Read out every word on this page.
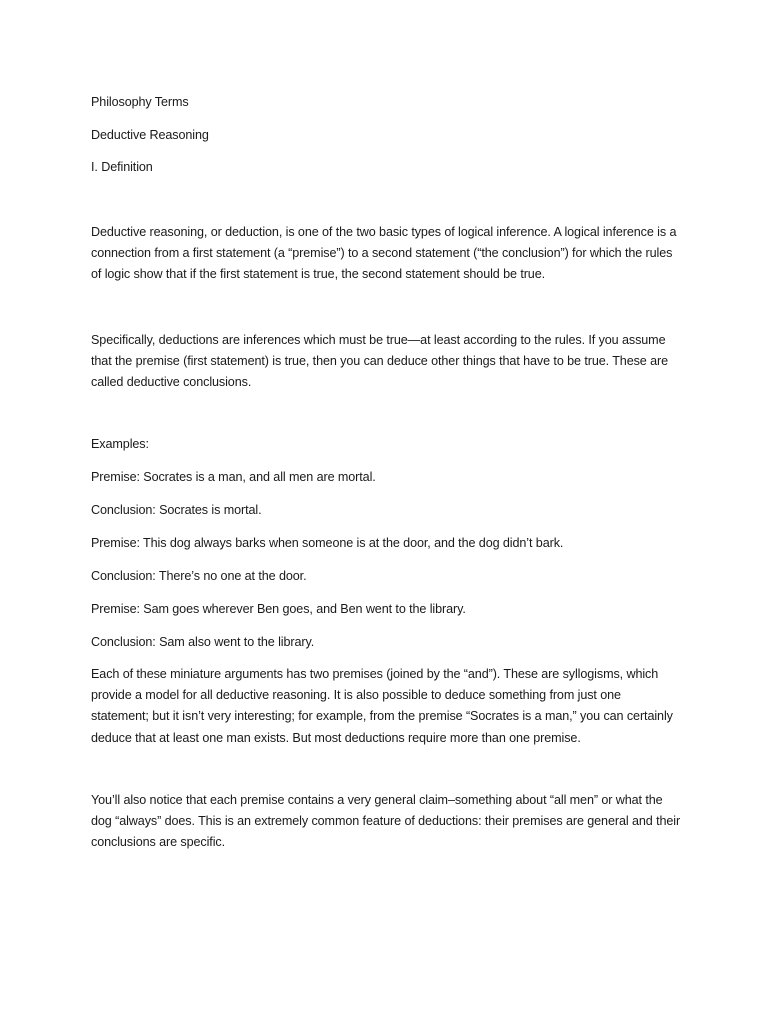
Philosophy Terms

Deductive Reasoning

I. Definition

Deductive reasoning, or deduction, is one of the two basic types of logical inference. A logical inference is a connection from a first statement (a “premise”) to a second statement (“the conclusion”) for which the rules of logic show that if the first statement is true, the second statement should be true.

Specifically, deductions are inferences which must be true—at least according to the rules. If you assume that the premise (first statement) is true, then you can deduce other things that have to be true. These are called deductive conclusions.

Examples:

Premise: Socrates is a man, and all men are mortal.

Conclusion: Socrates is mortal.

Premise: This dog always barks when someone is at the door, and the dog didn’t bark.

Conclusion: There’s no one at the door.

Premise: Sam goes wherever Ben goes, and Ben went to the library.

Conclusion: Sam also went to the library.

Each of these miniature arguments has two premises (joined by the “and”). These are syllogisms, which provide a model for all deductive reasoning. It is also possible to deduce something from just one statement; but it isn’t very interesting; for example, from the premise “Socrates is a man,” you can certainly deduce that at least one man exists. But most deductions require more than one premise.

You’ll also notice that each premise contains a very general claim–something about “all men” or what the dog “always” does. This is an extremely common feature of deductions: their premises are general and their conclusions are specific.
